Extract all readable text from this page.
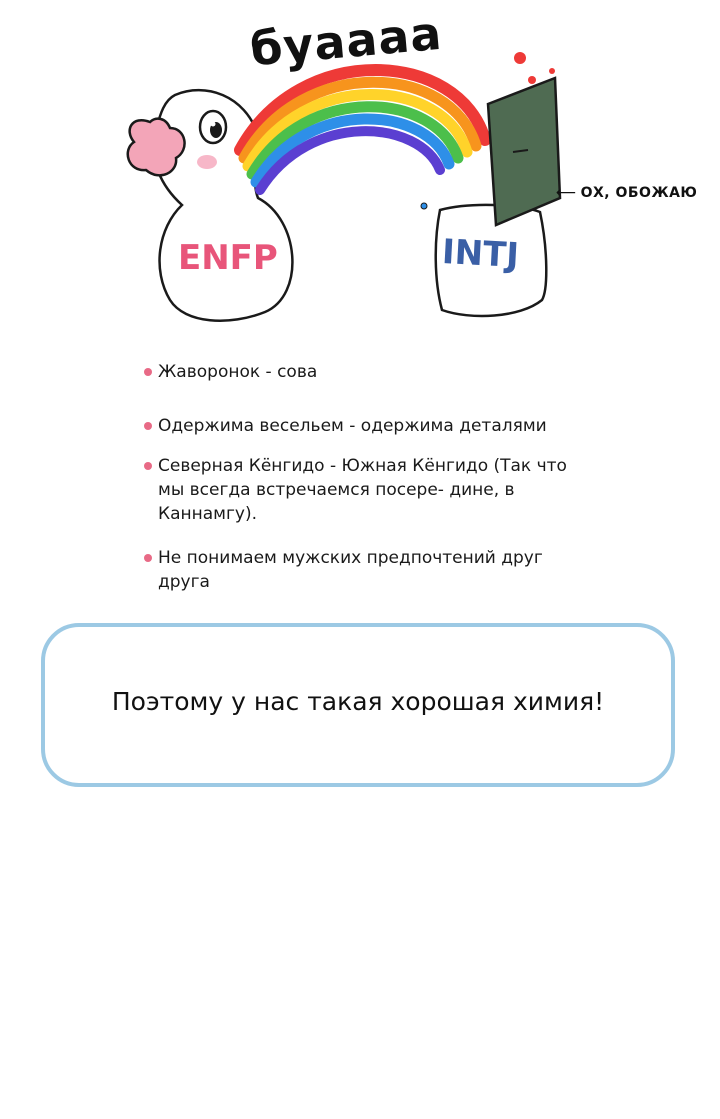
буаааа
ENFP	INTJ
⟵ ОХ, ОБОЖАЮ
Жаворонок - сова
Одержима весельем - одержима деталями
Северная Кёнгидо - Южная Кёнгидо (Так что мы всегда встречаемся посере- дине, в Каннамгу).
Не понимаем мужских предпочтений друг друга
Поэтому у нас такая хорошая химия!
